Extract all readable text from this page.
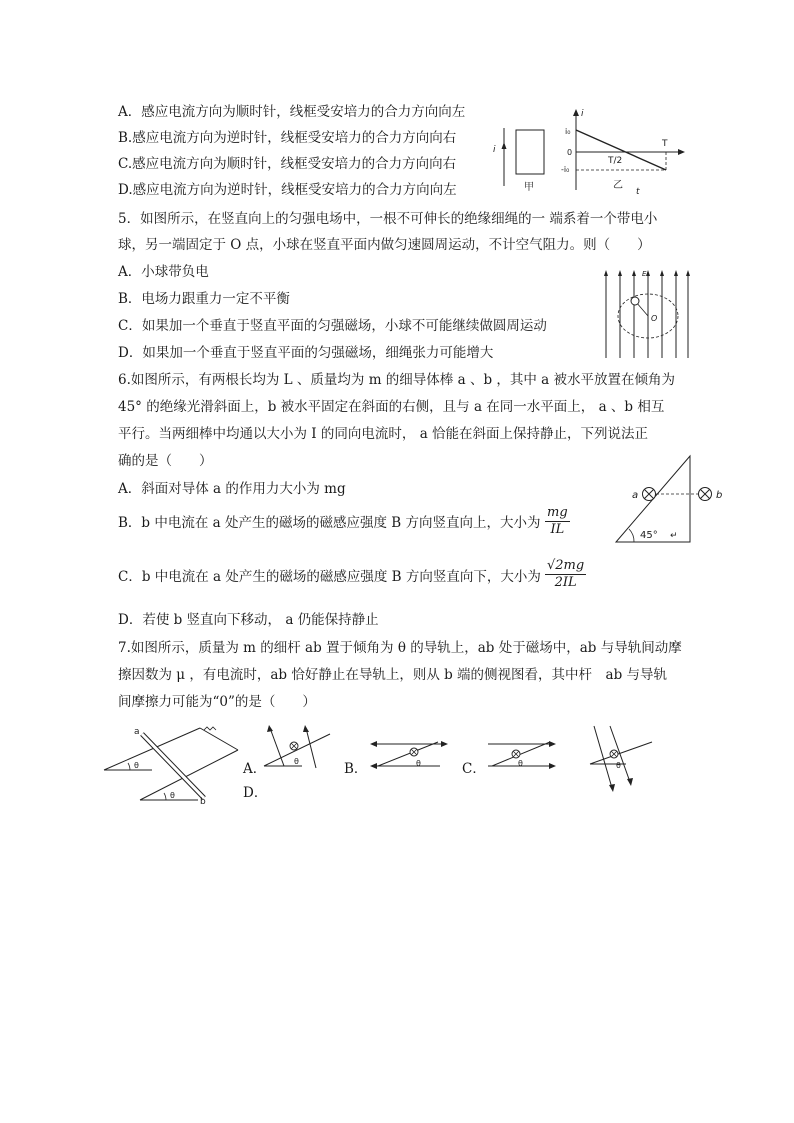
A．感应电流方向为顺时针，线框受安培力的合力方向向左
B.感应电流方向为逆时针，线框受安培力的合力方向向右
C.感应电流方向为顺时针，线框受安培力的合力方向向右
D.感应电流方向为逆时针，线框受安培力的合力方向向左
i
甲
i
i₀
0
-i₀
T
T/2
乙
t
5．如图所示，在竖直向上的匀强电场中，一根不可伸长的绝缘细绳的一 端系着一个带电小
球，另一端固定于 O 点，小球在竖直平面内做匀速圆周运动，不计空气阻力。则（　　）
A．小球带负电
B．电场力跟重力一定不平衡
C．如果加一个垂直于竖直平面的匀强磁场，小球不可能继续做圆周运动
D．如果加一个垂直于竖直平面的匀强磁场，细绳张力可能增大
E
O
6.如图所示，有两根长均为 L 、质量均为 m 的细导体棒 a 、b ，其中 a 被水平放置在倾角为
45° 的绝缘光滑斜面上，b 被水平固定在斜面的右侧，且与 a 在同一水平面上， a 、b 相互
平行。当两细棒中均通以大小为 I 的同向电流时， a 恰能在斜面上保持静止，下列说法正
确的是（　　）
A．斜面对导体 a 的作用力大小为 mg
B．b 中电流在 a 处产生的磁场的磁感应强度 B 方向竖直向上，大小为 $\frac{mg}{IL}$
C．b 中电流在 a 处产生的磁场的磁感应强度 B 方向竖直向下，大小为 $\frac{√2mg}{2IL}$
D．若使 b 竖直向下移动， a 仍能保持静止
a	b
45° ↵
7.如图所示，质量为 m 的细杆 ab 置于倾角为 θ 的导轨上，ab 处于磁场中，ab 与导轨间动摩
擦因数为 μ ，有电流时，ab 恰好静止在导轨上，则从 b 端的侧视图看，其中杆　ab 与导轨
间摩擦力可能为“0”的是（　　）
a
b
θ
θ
A．	θ	B．	θ	C．	θ
D．
θ
